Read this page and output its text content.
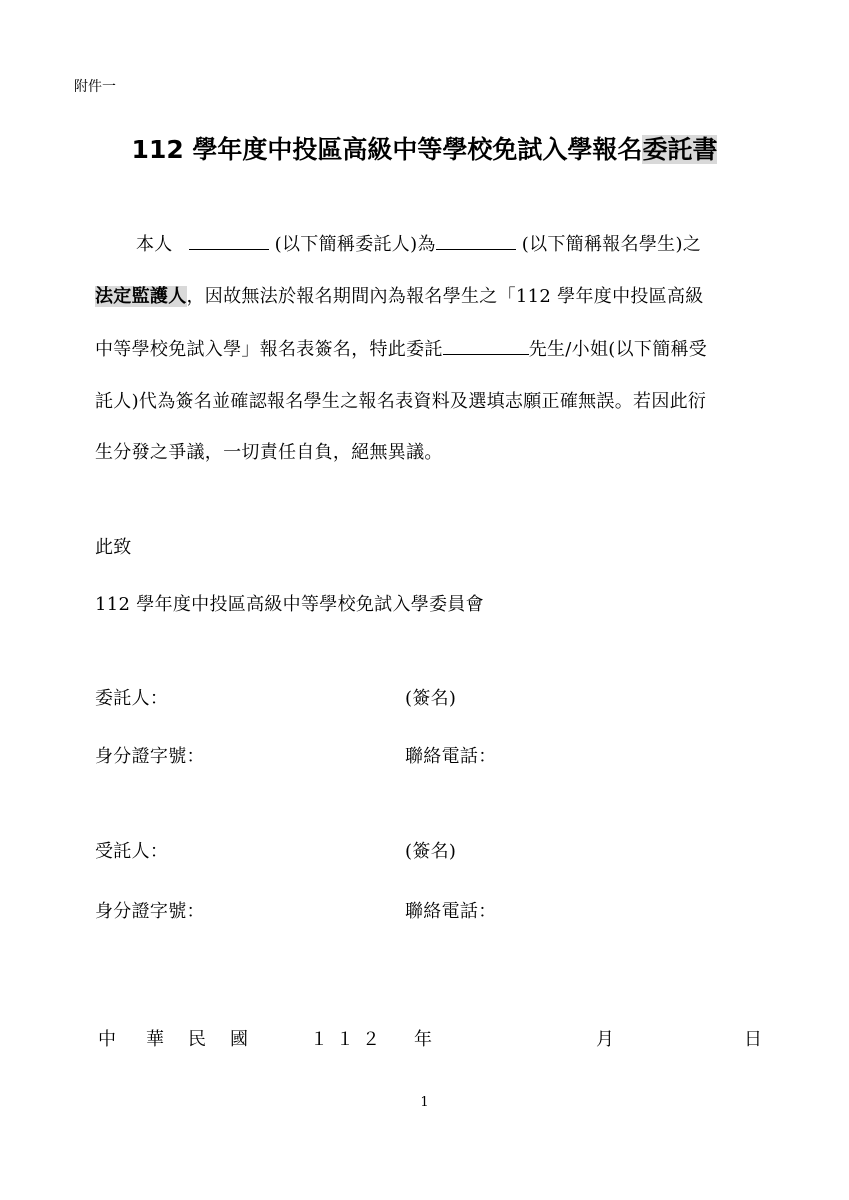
附件一
112 學年度中投區高級中等學校免試入學報名委託書
本人	(以下簡稱委託人)為	(以下簡稱報名學生)之
法定監護人，因故無法於報名期間內為報名學生之「112 學年度中投區高級
中等學校免試入學」報名表簽名，特此委託	先生/小姐(以下簡稱受
託人)代為簽名並確認報名學生之報名表資料及選填志願正確無誤。若因此衍
生分發之爭議，一切責任自負，絕無異議。
此致
112 學年度中投區高級中等學校免試入學委員會
委託人：	(簽名)
身分證字號：	聯絡電話：
受託人：	(簽名)
身分證字號：	聯絡電話：
中 華 民 國	１１２ 年	月	日
1
